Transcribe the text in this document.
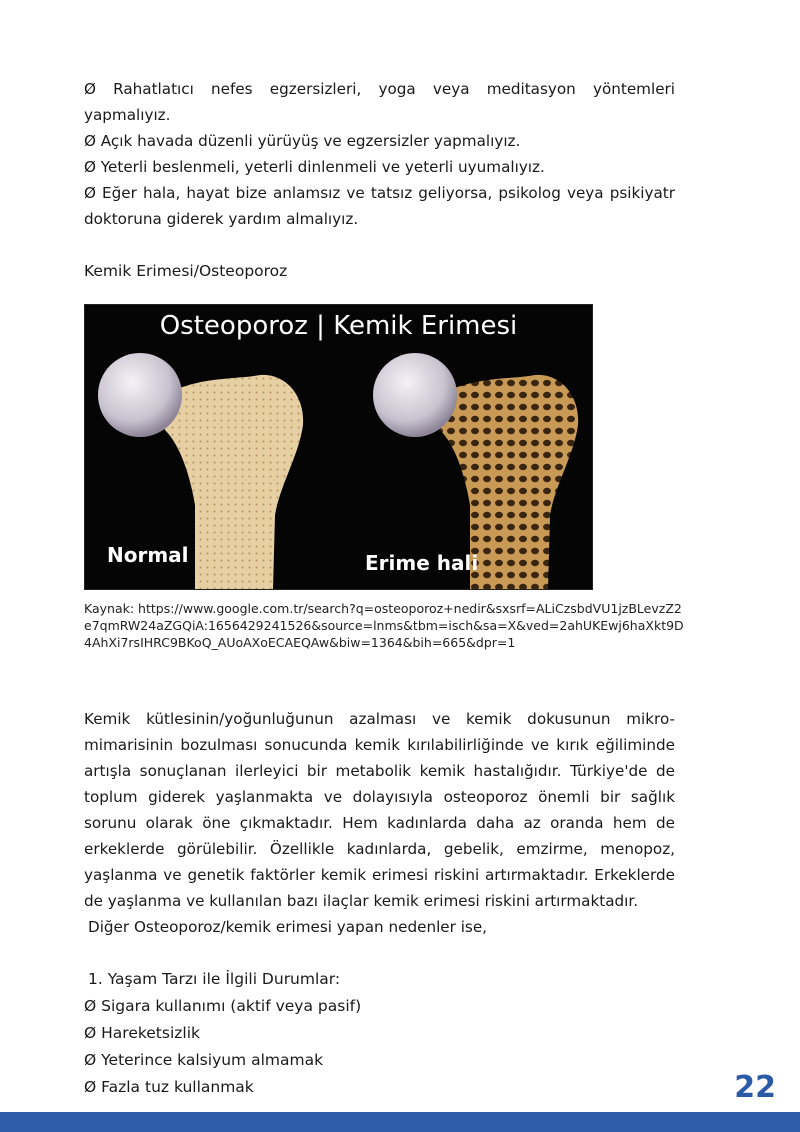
Ø Rahatlatıcı nefes egzersizleri, yoga veya meditasyon yöntemleri yapmalıyız.
Ø Açık havada düzenli yürüyüş ve egzersizler yapmalıyız.
Ø Yeterli beslenmeli, yeterli dinlenmeli ve yeterli uyumalıyız.
Ø Eğer hala, hayat bize anlamsız ve tatsız geliyorsa, psikolog veya psikiyatr doktoruna giderek yardım almalıyız.
Kemik Erimesi/Osteoporoz
Osteoporoz | Kemik Erimesi
Normal	Erime hali
Kaynak: https://www.google.com.tr/search?q=osteoporoz+nedir&sxsrf=ALiCzsbdVU1jzBLevzZ2e7qmRW24aZGQiA:1656429241526&source=lnms&tbm=isch&sa=X&ved=2ahUKEwj6haXkt9D4AhXi7rsIHRC9BKoQ_AUoAXoECAEQAw&biw=1364&bih=665&dpr=1

Kemik kütlesinin/yoğunluğunun azalması ve kemik dokusunun mikro-mimarisinin bozulması sonucunda kemik kırılabilirliğinde ve kırık eğiliminde artışla sonuçlanan ilerleyici bir metabolik kemik hastalığıdır. Türkiye'de de toplum giderek yaşlanmakta ve dolayısıyla osteoporoz önemli bir sağlık sorunu olarak öne çıkmaktadır. Hem kadınlarda daha az oranda hem de erkeklerde görülebilir. Özellikle kadınlarda, gebelik, emzirme, menopoz, yaşlanma ve genetik faktörler kemik erimesi riskini artırmaktadır. Erkeklerde de yaşlanma ve kullanılan bazı ilaçlar kemik erimesi riskini artırmaktadır.

Diğer Osteoporoz/kemik erimesi yapan nedenler ise,
1. Yaşam Tarzı ile İlgili Durumlar:
Ø Sigara kullanımı (aktif veya pasif)
Ø Hareketsizlik
Ø Yeterince kalsiyum almamak
Ø Fazla tuz kullanmak	22
